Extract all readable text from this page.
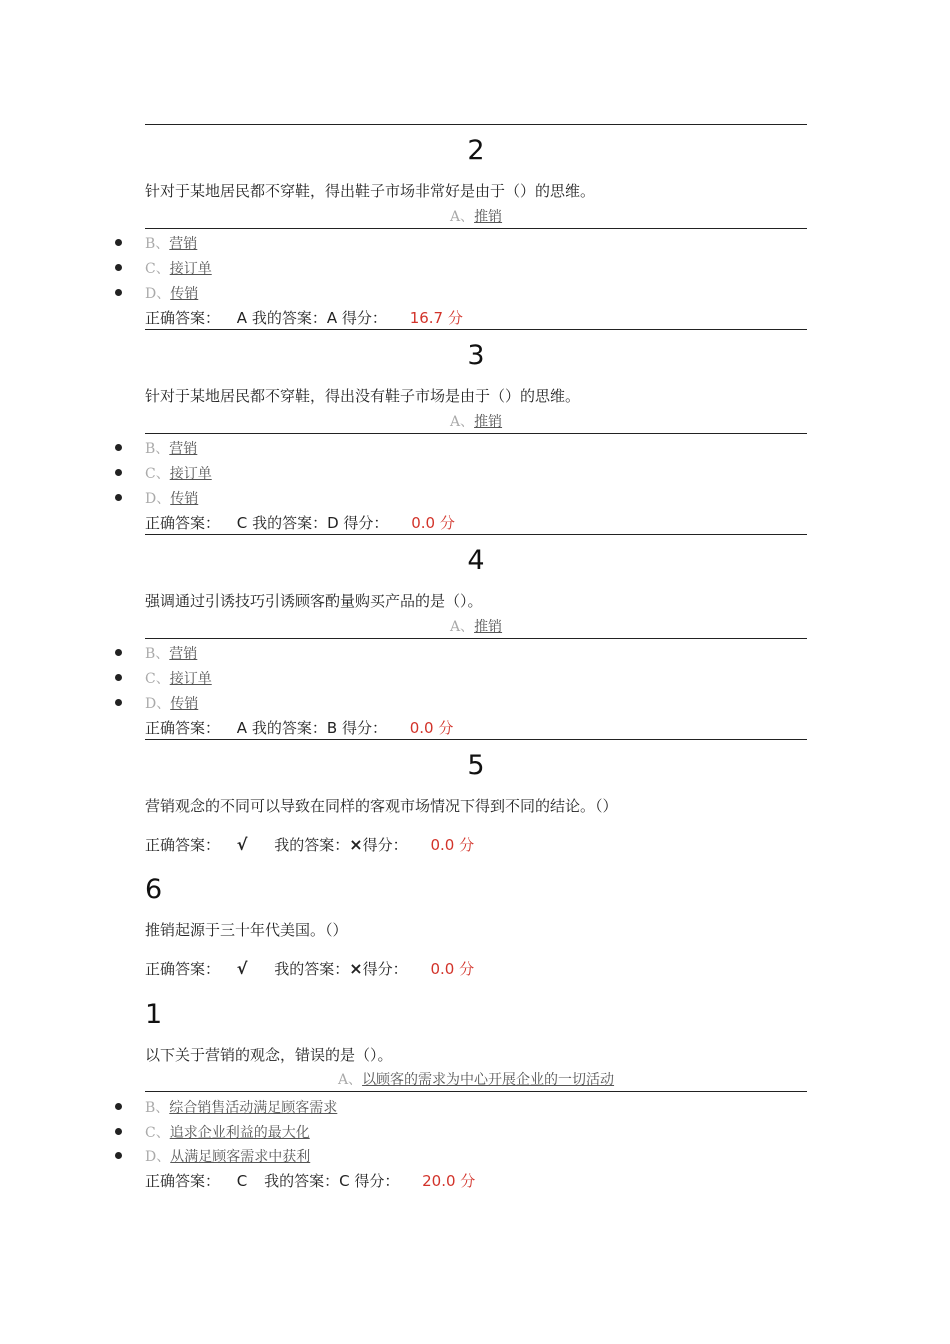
2
针对于某地居民都不穿鞋，得出鞋子市场非常好是由于（）的思维。
A、推销
B、营销
C、接订单
D、传销
正确答案： A 我的答案：A 得分： 16.7 分
3
针对于某地居民都不穿鞋，得出没有鞋子市场是由于（）的思维。
A、推销
B、营销
C、接订单
D、传销
正确答案： C 我的答案：D 得分： 0.0 分
4
强调通过引诱技巧引诱顾客酌量购买产品的是（）。
A、推销
B、营销
C、接订单
D、传销
正确答案： A 我的答案：B 得分： 0.0 分
5
营销观念的不同可以导致在同样的客观市场情况下得到不同的结论。（）
正确答案： √ 我的答案：×得分： 0.0 分
6
推销起源于三十年代美国。（）
正确答案： √ 我的答案：×得分： 0.0 分
1
以下关于营销的观念，错误的是（）。
A、以顾客的需求为中心开展企业的一切活动
B、综合销售活动满足顾客需求
C、追求企业利益的最大化
D、从满足顾客需求中获利
正确答案： C 我的答案：C 得分： 20.0 分
